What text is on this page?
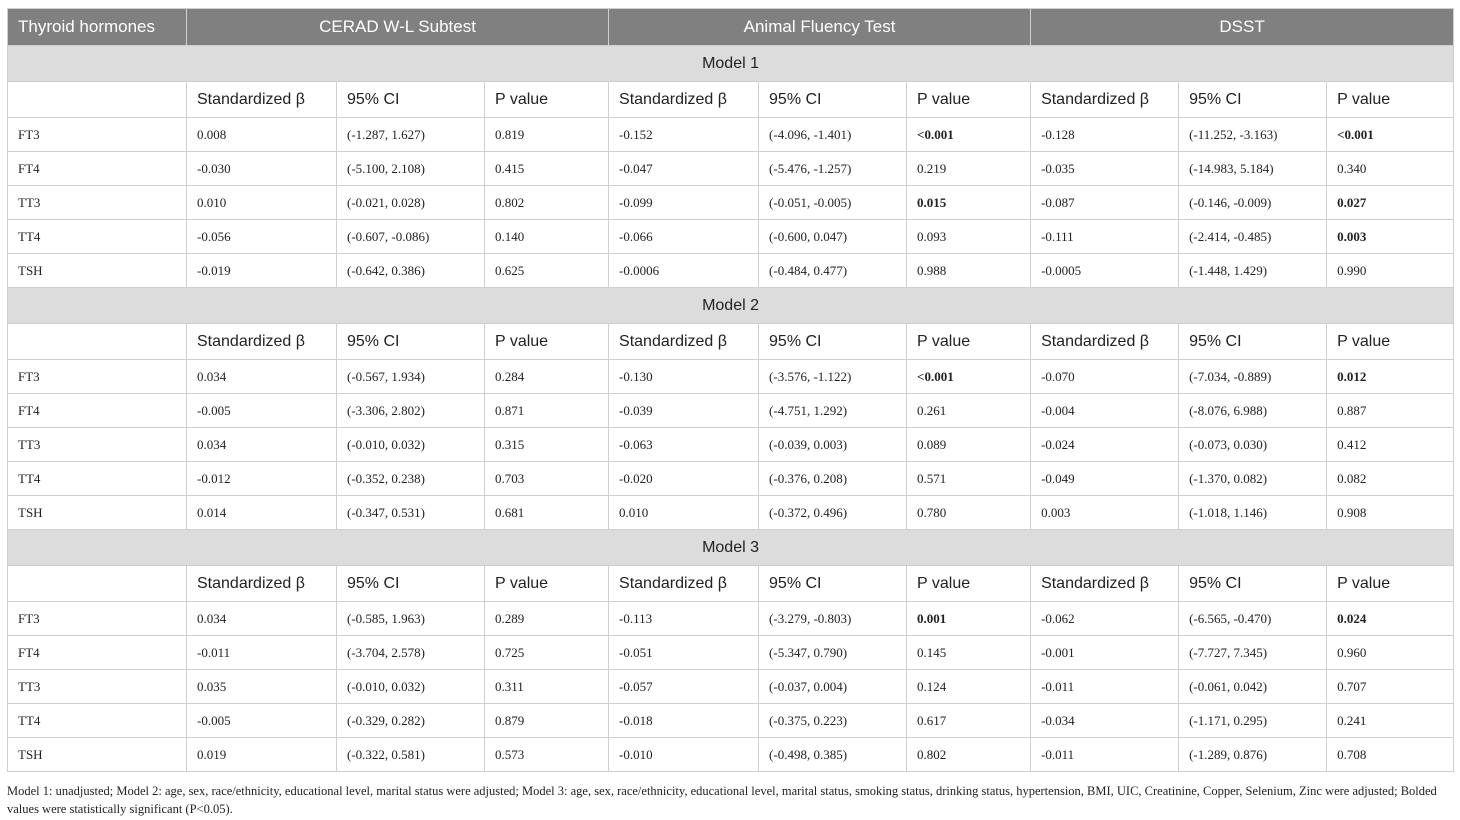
Thyroid hormones	CERAD W-L Subtest			Animal Fluency Test			DSST		
Model 1									
	Standardized β	95% CI	P value	Standardized β	95% CI	P value	Standardized β	95% CI	P value
FT3	0.008	(-1.287, 1.627)	0.819	-0.152	(-4.096, -1.401)	<0.001	-0.128	(-11.252, -3.163)	<0.001
FT4	-0.030	(-5.100, 2.108)	0.415	-0.047	(-5.476, -1.257)	0.219	-0.035	(-14.983, 5.184)	0.340
TT3	0.010	(-0.021, 0.028)	0.802	-0.099	(-0.051, -0.005)	0.015	-0.087	(-0.146, -0.009)	0.027
TT4	-0.056	(-0.607, -0.086)	0.140	-0.066	(-0.600, 0.047)	0.093	-0.111	(-2.414, -0.485)	0.003
TSH	-0.019	(-0.642, 0.386)	0.625	-0.0006	(-0.484, 0.477)	0.988	-0.0005	(-1.448, 1.429)	0.990
Model 2									
	Standardized β	95% CI	P value	Standardized β	95% CI	P value	Standardized β	95% CI	P value
FT3	0.034	(-0.567, 1.934)	0.284	-0.130	(-3.576, -1.122)	<0.001	-0.070	(-7.034, -0.889)	0.012
FT4	-0.005	(-3.306, 2.802)	0.871	-0.039	(-4.751, 1.292)	0.261	-0.004	(-8.076, 6.988)	0.887
TT3	0.034	(-0.010, 0.032)	0.315	-0.063	(-0.039, 0.003)	0.089	-0.024	(-0.073, 0.030)	0.412
TT4	-0.012	(-0.352, 0.238)	0.703	-0.020	(-0.376, 0.208)	0.571	-0.049	(-1.370, 0.082)	0.082
TSH	0.014	(-0.347, 0.531)	0.681	0.010	(-0.372, 0.496)	0.780	0.003	(-1.018, 1.146)	0.908
Model 3									
	Standardized β	95% CI	P value	Standardized β	95% CI	P value	Standardized β	95% CI	P value
FT3	0.034	(-0.585, 1.963)	0.289	-0.113	(-3.279, -0.803)	0.001	-0.062	(-6.565, -0.470)	0.024
FT4	-0.011	(-3.704, 2.578)	0.725	-0.051	(-5.347, 0.790)	0.145	-0.001	(-7.727, 7.345)	0.960
TT3	0.035	(-0.010, 0.032)	0.311	-0.057	(-0.037, 0.004)	0.124	-0.011	(-0.061, 0.042)	0.707
TT4	-0.005	(-0.329, 0.282)	0.879	-0.018	(-0.375, 0.223)	0.617	-0.034	(-1.171, 0.295)	0.241
TSH	0.019	(-0.322, 0.581)	0.573	-0.010	(-0.498, 0.385)	0.802	-0.011	(-1.289, 0.876)	0.708
Model 1: unadjusted; Model 2: age, sex, race/ethnicity, educational level, marital status were adjusted; Model 3: age, sex, race/ethnicity, educational level, marital status, smoking status, drinking status, hypertension, BMI, UIC, Creatinine, Copper, Selenium, Zinc were adjusted; Bolded values were statistically significant (P<0.05).
